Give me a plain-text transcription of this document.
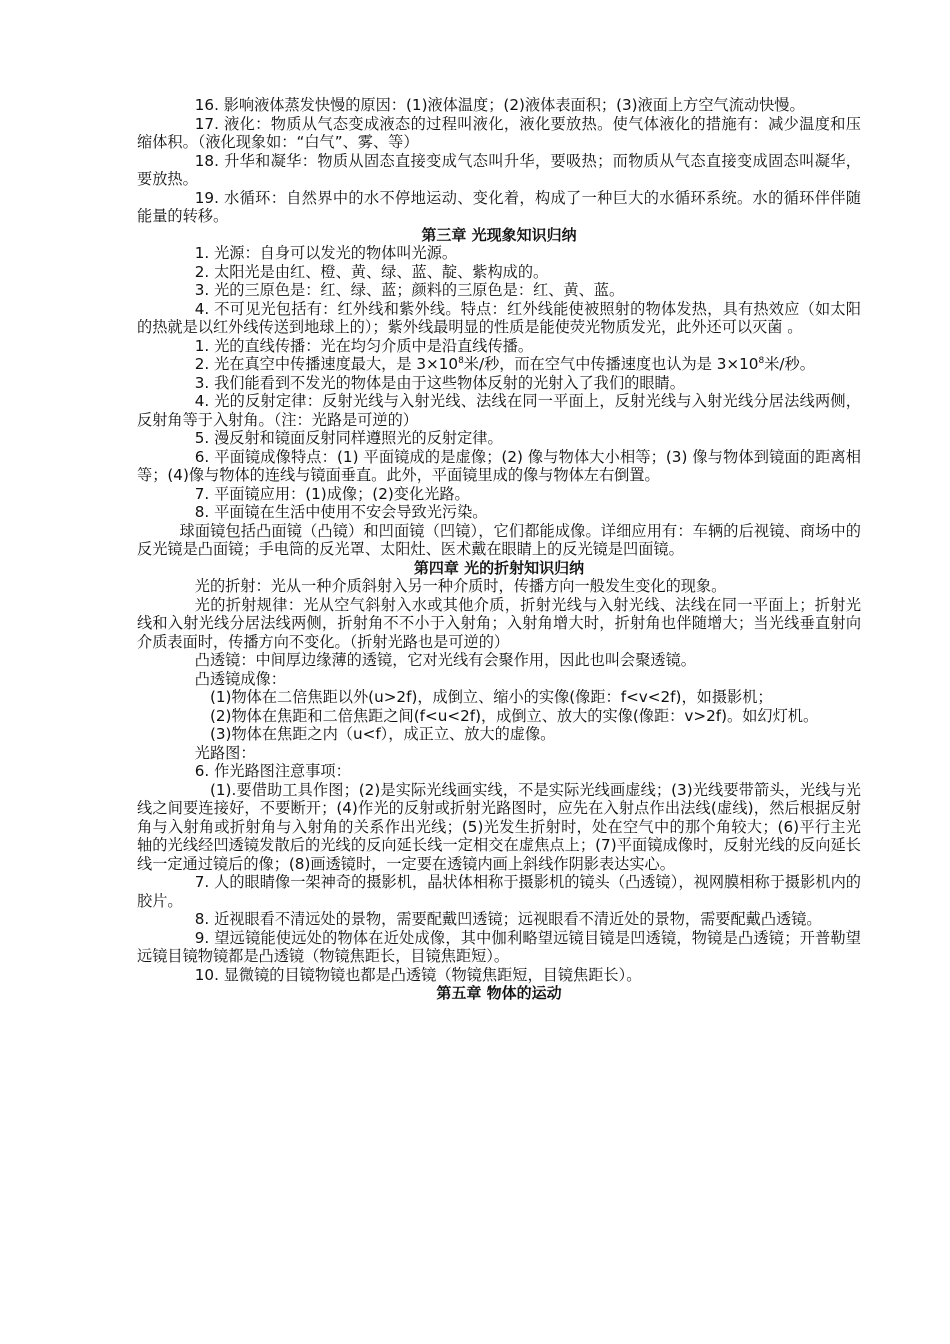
16. 影响液体蒸发快慢的原因：(1)液体温度；(2)液体表面积；(3)液面上方空气流动快慢。

17. 液化：物质从气态变成液态的过程叫液化，液化要放热。使气体液化的措施有：减少温度和压缩体积。（液化现象如：“白气”、雾、等）

18. 升华和凝华：物质从固态直接变成气态叫升华，要吸热；而物质从气态直接变成固态叫凝华，要放热。

19. 水循环：自然界中的水不停地运动、变化着，构成了一种巨大的水循环系统。水的循环伴伴随能量的转移。

第三章 光现象知识归纳

1. 光源：自身可以发光的物体叫光源。

2. 太阳光是由红、橙、黄、绿、蓝、靛、紫构成的。

3. 光的三原色是：红、绿、蓝；颜料的三原色是：红、黄、蓝。

4. 不可见光包括有：红外线和紫外线。特点：红外线能使被照射的物体发热，具有热效应（如太阳的热就是以红外线传送到地球上的）；紫外线最明显的性质是能使荧光物质发光，此外还可以灭菌 。

1. 光的直线传播：光在均匀介质中是沿直线传播。

2. 光在真空中传播速度最大，是 $3\times 10^8$米/秒，而在空气中传播速度也认为是 $3\times 10^8$米/秒。

3. 我们能看到不发光的物体是由于这些物体反射的光射入了我们的眼睛。

4. 光的反射定律：反射光线与入射光线、法线在同一平面上，反射光线与入射光线分居法线两侧，反射角等于入射角。（注：光路是可逆的）

5. 漫反射和镜面反射同样遵照光的反射定律。

6. 平面镜成像特点：(1) 平面镜成的是虚像；(2) 像与物体大小相等；(3) 像与物体到镜面的距离相等；(4)像与物体的连线与镜面垂直。此外，平面镜里成的像与物体左右倒置。

7. 平面镜应用：(1)成像；(2)变化光路。

8. 平面镜在生活中使用不安会导致光污染。

球面镜包括凸面镜（凸镜）和凹面镜（凹镜），它们都能成像。详细应用有：车辆的后视镜、商场中的反光镜是凸面镜；手电筒的反光罩、太阳灶、医术戴在眼睛上的反光镜是凹面镜。

第四章 光的折射知识归纳

光的折射：光从一种介质斜射入另一种介质时，传播方向一般发生变化的现象。

光的折射规律：光从空气斜射入水或其他介质，折射光线与入射光线、法线在同一平面上；折射光线和入射光线分居法线两侧，折射角不不小于入射角；入射角增大时，折射角也伴随增大；当光线垂直射向介质表面时，传播方向不变化。（折射光路也是可逆的）

凸透镜：中间厚边缘薄的透镜，它对光线有会聚作用，因此也叫会聚透镜。

凸透镜成像：

(1)物体在二倍焦距以外(u>2f)，成倒立、缩小的实像(像距：f<v<2f)，如摄影机；

(2)物体在焦距和二倍焦距之间(f<u<2f)，成倒立、放大的实像(像距：v>2f)。如幻灯机。

(3)物体在焦距之内（u<f），成正立、放大的虚像。

光路图：

6. 作光路图注意事项：

(1).要借助工具作图；(2)是实际光线画实线，不是实际光线画虚线；(3)光线要带箭头，光线与光线之间要连接好，不要断开；(4)作光的反射或折射光路图时，应先在入射点作出法线(虚线)，然后根据反射角与入射角或折射角与入射角的关系作出光线；(5)光发生折射时，处在空气中的那个角较大；(6)平行主光轴的光线经凹透镜发散后的光线的反向延长线一定相交在虚焦点上；(7)平面镜成像时，反射光线的反向延长线一定通过镜后的像；(8)画透镜时，一定要在透镜内画上斜线作阴影表达实心。

7. 人的眼睛像一架神奇的摄影机，晶状体相称于摄影机的镜头（凸透镜），视网膜相称于摄影机内的胶片。

8. 近视眼看不清远处的景物，需要配戴凹透镜；远视眼看不清近处的景物，需要配戴凸透镜。

9. 望远镜能使远处的物体在近处成像，其中伽利略望远镜目镜是凹透镜，物镜是凸透镜；开普勒望远镜目镜物镜都是凸透镜（物镜焦距长，目镜焦距短）。

10. 显微镜的目镜物镜也都是凸透镜（物镜焦距短，目镜焦距长）。

第五章 物体的运动
